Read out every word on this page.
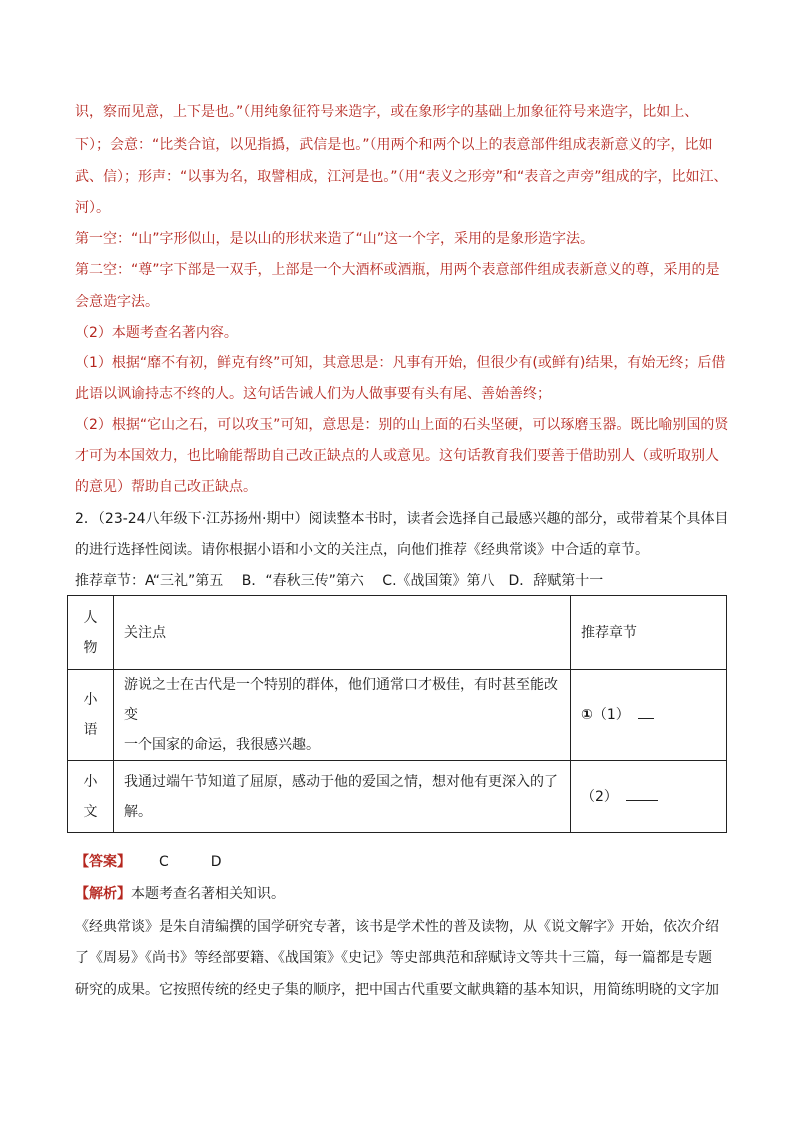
识，察而见意，上下是也。”（用纯象征符号来造字，或在象形字的基础上加象征符号来造字，比如上、
下）；会意：“比类合谊，以见指撝，武信是也。”（用两个和两个以上的表意部件组成表新意义的字，比如
武、信）；形声：“以事为名，取譬相成，江河是也。”（用“表义之形旁”和“表音之声旁”组成的字，比如江、
河）。
第一空：“山”字形似山，是以山的形状来造了“山”这一个字，采用的是象形造字法。
第二空：“尊”字下部是一双手，上部是一个大酒杯或酒瓶，用两个表意部件组成表新意义的尊，采用的是
会意造字法。
（2）本题考查名著内容。
（1）根据“靡不有初，鲜克有终”可知，其意思是：凡事有开始，但很少有(或鲜有)结果，有始无终；后借
此语以讽谕持志不终的人。这句话告诫人们为人做事要有头有尾、善始善终；
（2）根据“它山之石，可以攻玉”可知，意思是：别的山上面的石头坚硬，可以琢磨玉器。既比喻别国的贤
才可为本国效力，也比喻能帮助自己改正缺点的人或意见。这句话教育我们要善于借助别人（或听取别人
的意见）帮助自己改正缺点。
2．（23-24八年级下·江苏扬州·期中）阅读整本书时，读者会选择自己最感兴趣的部分，或带着某个具体目
的进行选择性阅读。请你根据小语和小文的关注点，向他们推荐《经典常谈》中合适的章节。
推荐章节：A“三礼”第五　 B．“春秋三传”第六　 C.《战国策》第八　D．辞赋第十一
人物	关注点	推荐章节

小语	游说之士在古代是一个特别的群体，他们通常口才极佳，有时甚至能改变
一个国家的命运，我很感兴趣。	①（1）

小文	我通过端午节知道了屈原，感动于他的爱国之情，想对他有更深入的了解。	（2）
【答案】 C　　　D
【解析】本题考查名著相关知识。
《经典常谈》是朱自清编撰的国学研究专著，该书是学术性的普及读物，从《说文解字》开始，依次介绍
了《周易》《尚书》等经部要籍、《战国策》《史记》等史部典范和辞赋诗文等共十三篇，每一篇都是专题
研究的成果。它按照传统的经史子集的顺序，把中国古代重要文献典籍的基本知识，用简练明晓的文字加
